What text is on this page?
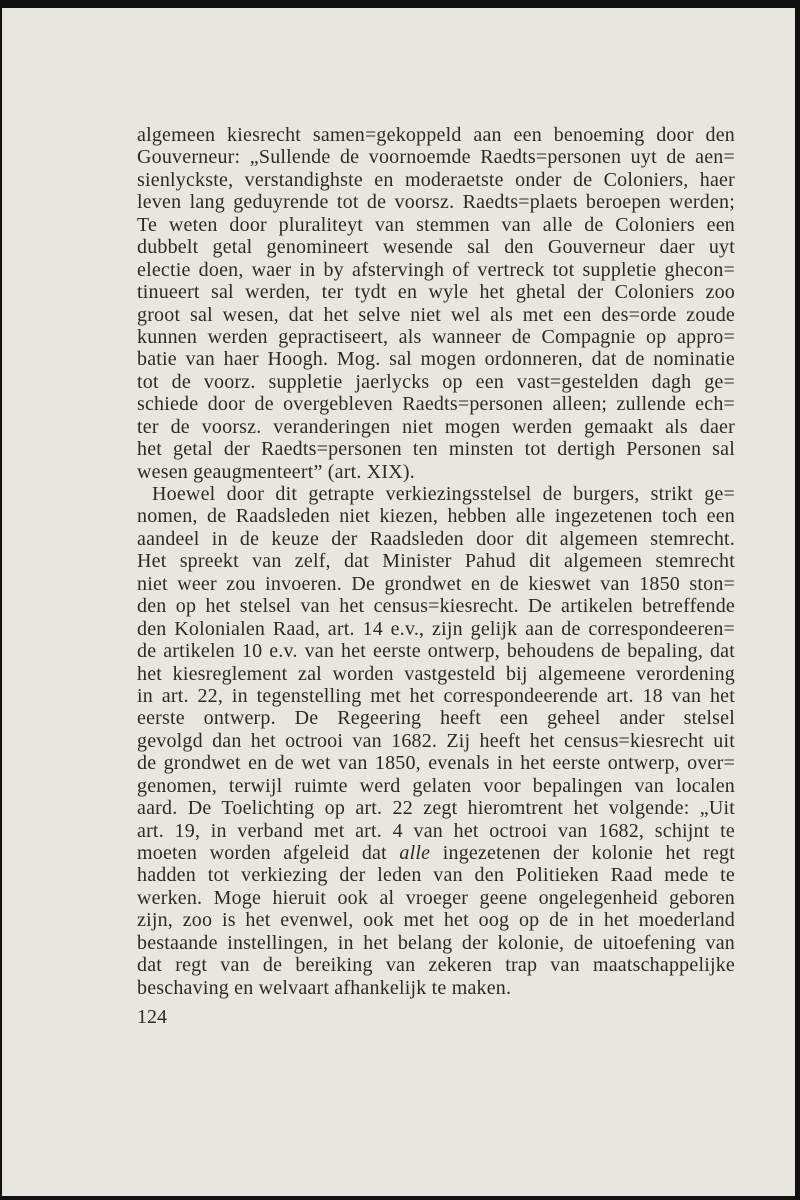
algemeen kiesrecht samen=gekoppeld aan een benoeming door den
Gouverneur: „Sullende de voornoemde Raedts=personen uyt de aen=
sienlyckste, verstandighste en moderaetste onder de Coloniers, haer
leven lang geduyrende tot de voorsz. Raedts=plaets beroepen werden;
Te weten door pluraliteyt van stemmen van alle de Coloniers een
dubbelt getal genomineert wesende sal den Gouverneur daer uyt
electie doen, waer in by afstervingh of vertreck tot suppletie ghecon=
tinueert sal werden, ter tydt en wyle het ghetal der Coloniers zoo
groot sal wesen, dat het selve niet wel als met een des=orde zoude
kunnen werden gepractiseert, als wanneer de Compagnie op appro=
batie van haer Hoogh. Mog. sal mogen ordonneren, dat de nominatie
tot de voorz. suppletie jaerlycks op een vast=gestelden dagh ge=
schiede door de overgebleven Raedts=personen alleen; zullende ech=
ter de voorsz. veranderingen niet mogen werden gemaakt als daer
het getal der Raedts=personen ten minsten tot dertigh Personen sal
wesen geaugmenteert” (art. XIX).
Hoewel door dit getrapte verkiezingsstelsel de burgers, strikt ge=
nomen, de Raadsleden niet kiezen, hebben alle ingezetenen toch een
aandeel in de keuze der Raadsleden door dit algemeen stemrecht.
Het spreekt van zelf, dat Minister Pahud dit algemeen stemrecht
niet weer zou invoeren. De grondwet en de kieswet van 1850 ston=
den op het stelsel van het census=kiesrecht. De artikelen betreffende
den Kolonialen Raad, art. 14 e.v., zijn gelijk aan de correspondeeren=
de artikelen 10 e.v. van het eerste ontwerp, behoudens de bepaling, dat
het kiesreglement zal worden vastgesteld bij algemeene verordening
in art. 22, in tegenstelling met het correspondeerende art. 18 van het
eerste ontwerp. De Regeering heeft een geheel ander stelsel
gevolgd dan het octrooi van 1682. Zij heeft het census=kiesrecht uit
de grondwet en de wet van 1850, evenals in het eerste ontwerp, over=
genomen, terwijl ruimte werd gelaten voor bepalingen van localen
aard. De Toelichting op art. 22 zegt hieromtrent het volgende: „Uit
art. 19, in verband met art. 4 van het octrooi van 1682, schijnt te
moeten worden afgeleid dat alle ingezetenen der kolonie het regt
hadden tot verkiezing der leden van den Politieken Raad mede te
werken. Moge hieruit ook al vroeger geene ongelegenheid geboren
zijn, zoo is het evenwel, ook met het oog op de in het moederland
bestaande instellingen, in het belang der kolonie, de uitoefening van
dat regt van de bereiking van zekeren trap van maatschappelijke
beschaving en welvaart afhankelijk te maken.
124
